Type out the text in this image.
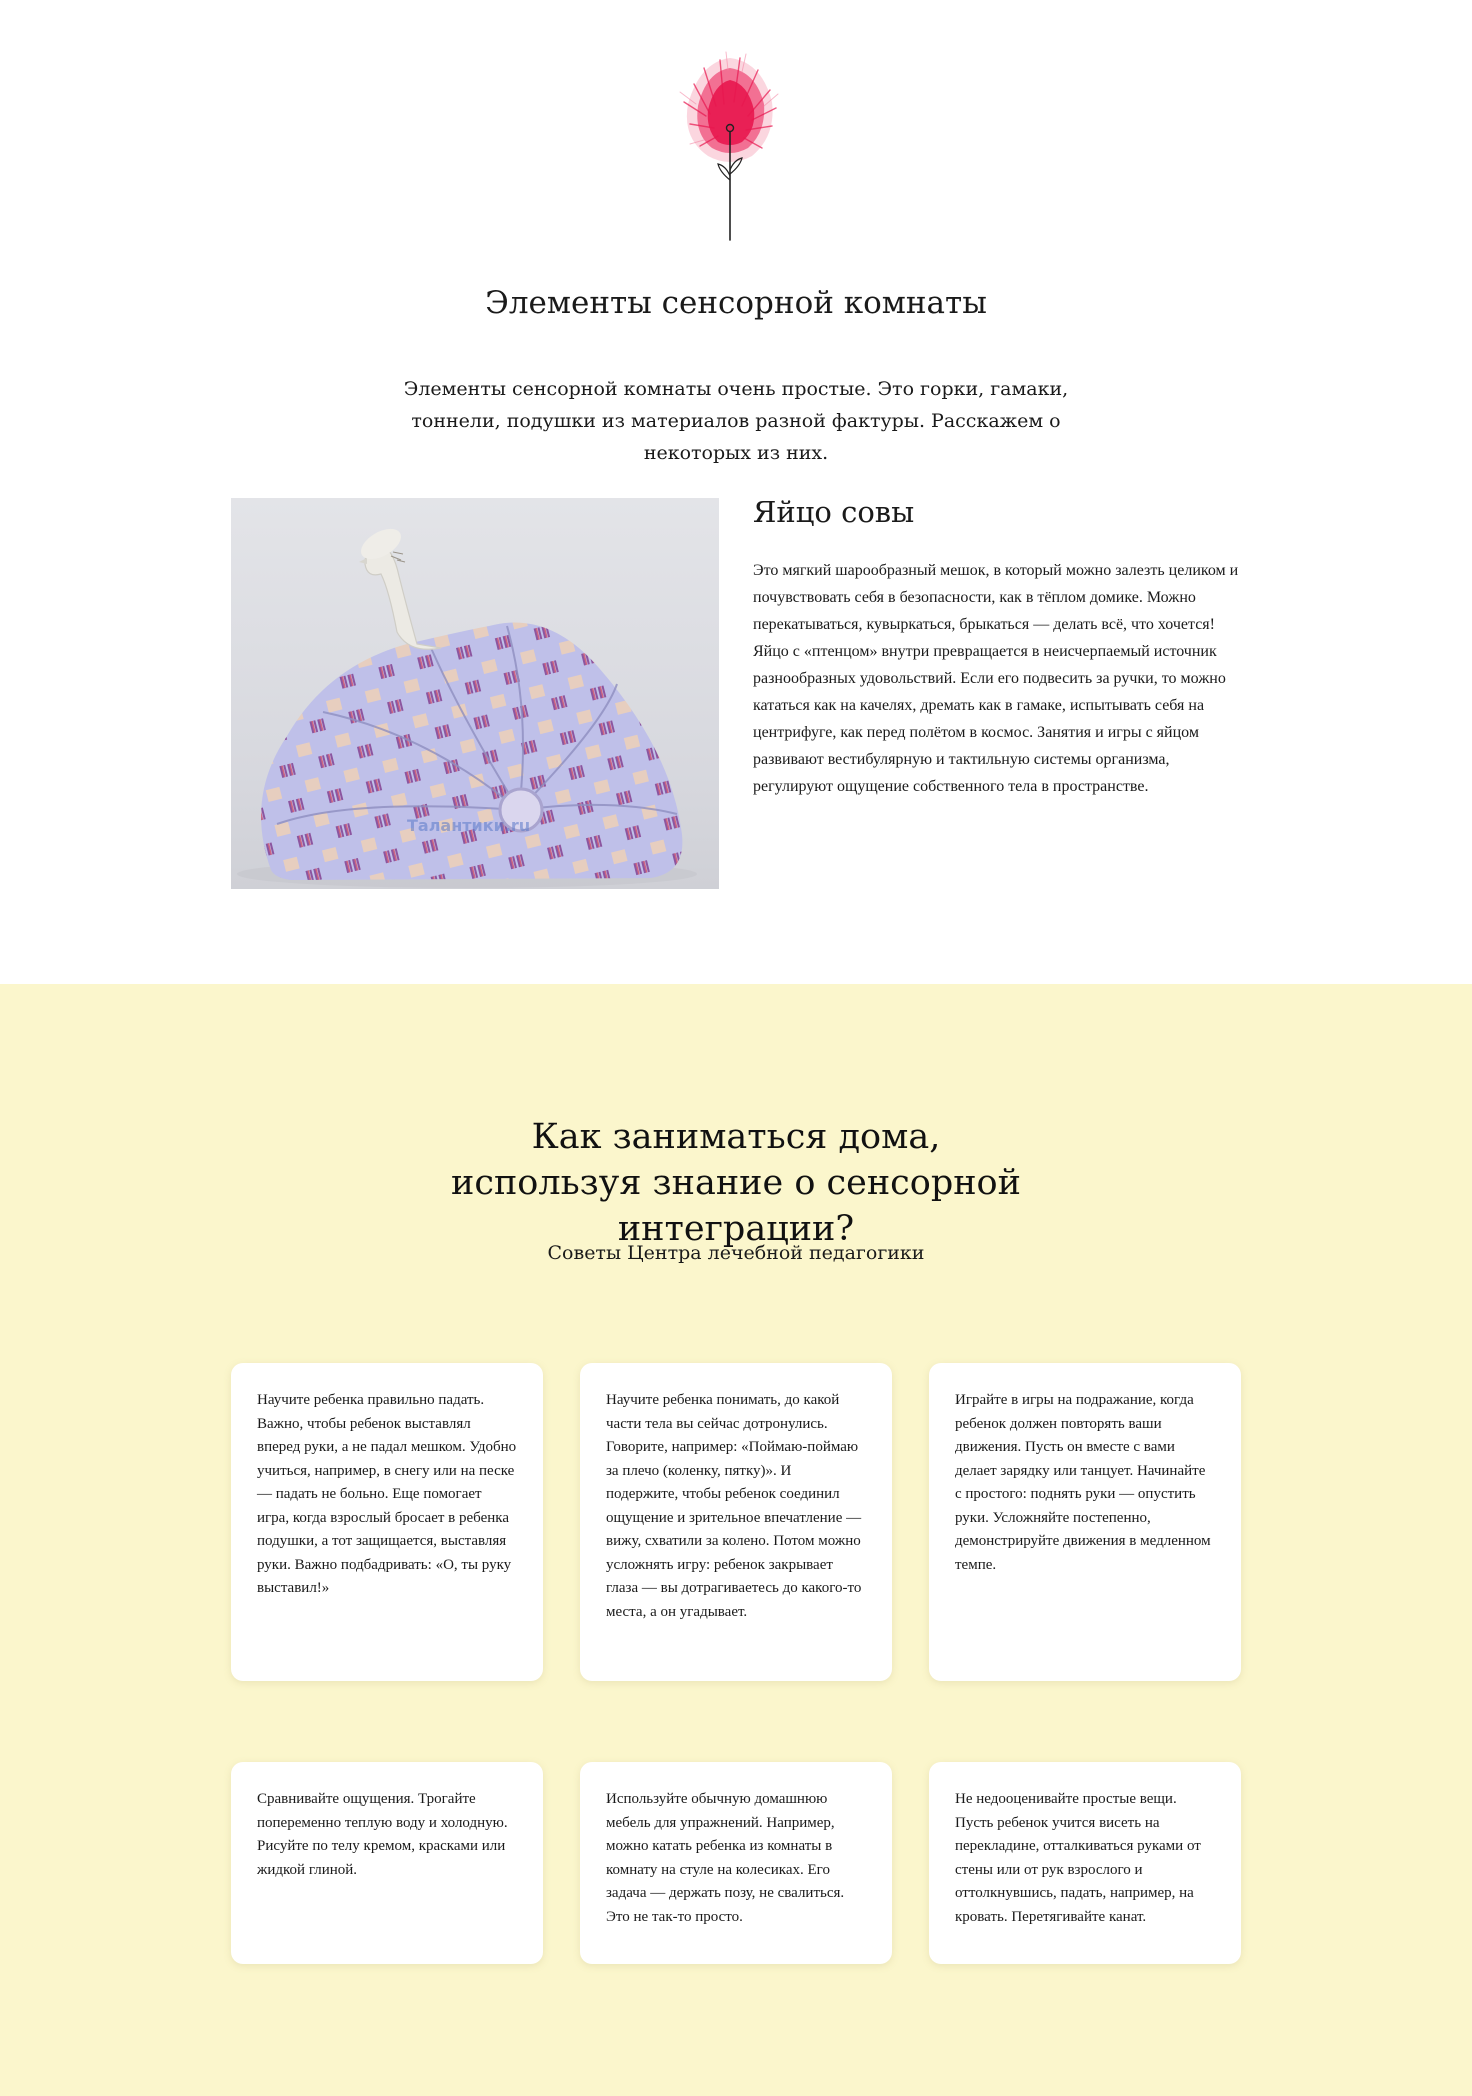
Элементы сенсорной комнаты

Элементы сенсорной комнаты очень простые. Это горки, гамаки, тоннели, подушки из материалов разной фактуры. Расскажем о некоторых из них.

Талантики.ru
Яйцо совы

Это мягкий шарообразный мешок, в который можно залезть целиком и почувствовать себя в безопасности, как в тёплом домике. Можно перекатываться, кувыркаться, брыкаться — делать всё, что хочется! Яйцо с «птенцом» внутри превращается в неисчерпаемый источник разнообразных удовольствий. Если его подвесить за ручки, то можно кататься как на качелях, дремать как в гамаке, испытывать себя на центрифуге, как перед полётом в космос. Занятия и игры с яйцом развивают вестибулярную и тактильную системы организма, регулируют ощущение собственного тела в пространстве.

Как заниматься дома, используя знание о сенсорной интеграции?

Советы Центра лечебной педагогики

Научите ребенка правильно падать. Важно, чтобы ребенок выставлял вперед руки, а не падал мешком. Удобно учиться, например, в снегу или на песке — падать не больно. Еще помогает игра, когда взрослый бросает в ребенка подушки, а тот защищается, выставляя руки. Важно подбадривать: «О, ты руку выставил!»

Научите ребенка понимать, до какой части тела вы сейчас дотронулись. Говорите, например: «Поймаю-поймаю за плечо (коленку, пятку)». И подержите, чтобы ребенок соединил ощущение и зрительное впечатление — вижу, схватили за колено. Потом можно усложнять игру: ребенок закрывает глаза — вы дотрагиваетесь до какого-то места, а он угадывает.

Играйте в игры на подражание, когда ребенок должен повторять ваши движения. Пусть он вместе с вами делает зарядку или танцует. Начинайте с простого: поднять руки — опустить руки. Усложняйте постепенно, демонстрируйте движения в медленном темпе.

Сравнивайте ощущения. Трогайте попеременно теплую воду и холодную. Рисуйте по телу кремом, красками или жидкой глиной.

Используйте обычную домашнюю мебель для упражнений. Например, можно катать ребенка из комнаты в комнату на стуле на колесиках. Его задача — держать позу, не свалиться. Это не так-то просто.

Не недооценивайте простые вещи. Пусть ребенок учится висеть на перекладине, отталкиваться руками от стены или от рук взрослого и оттолкнувшись, падать, например, на кровать. Перетягивайте канат.
